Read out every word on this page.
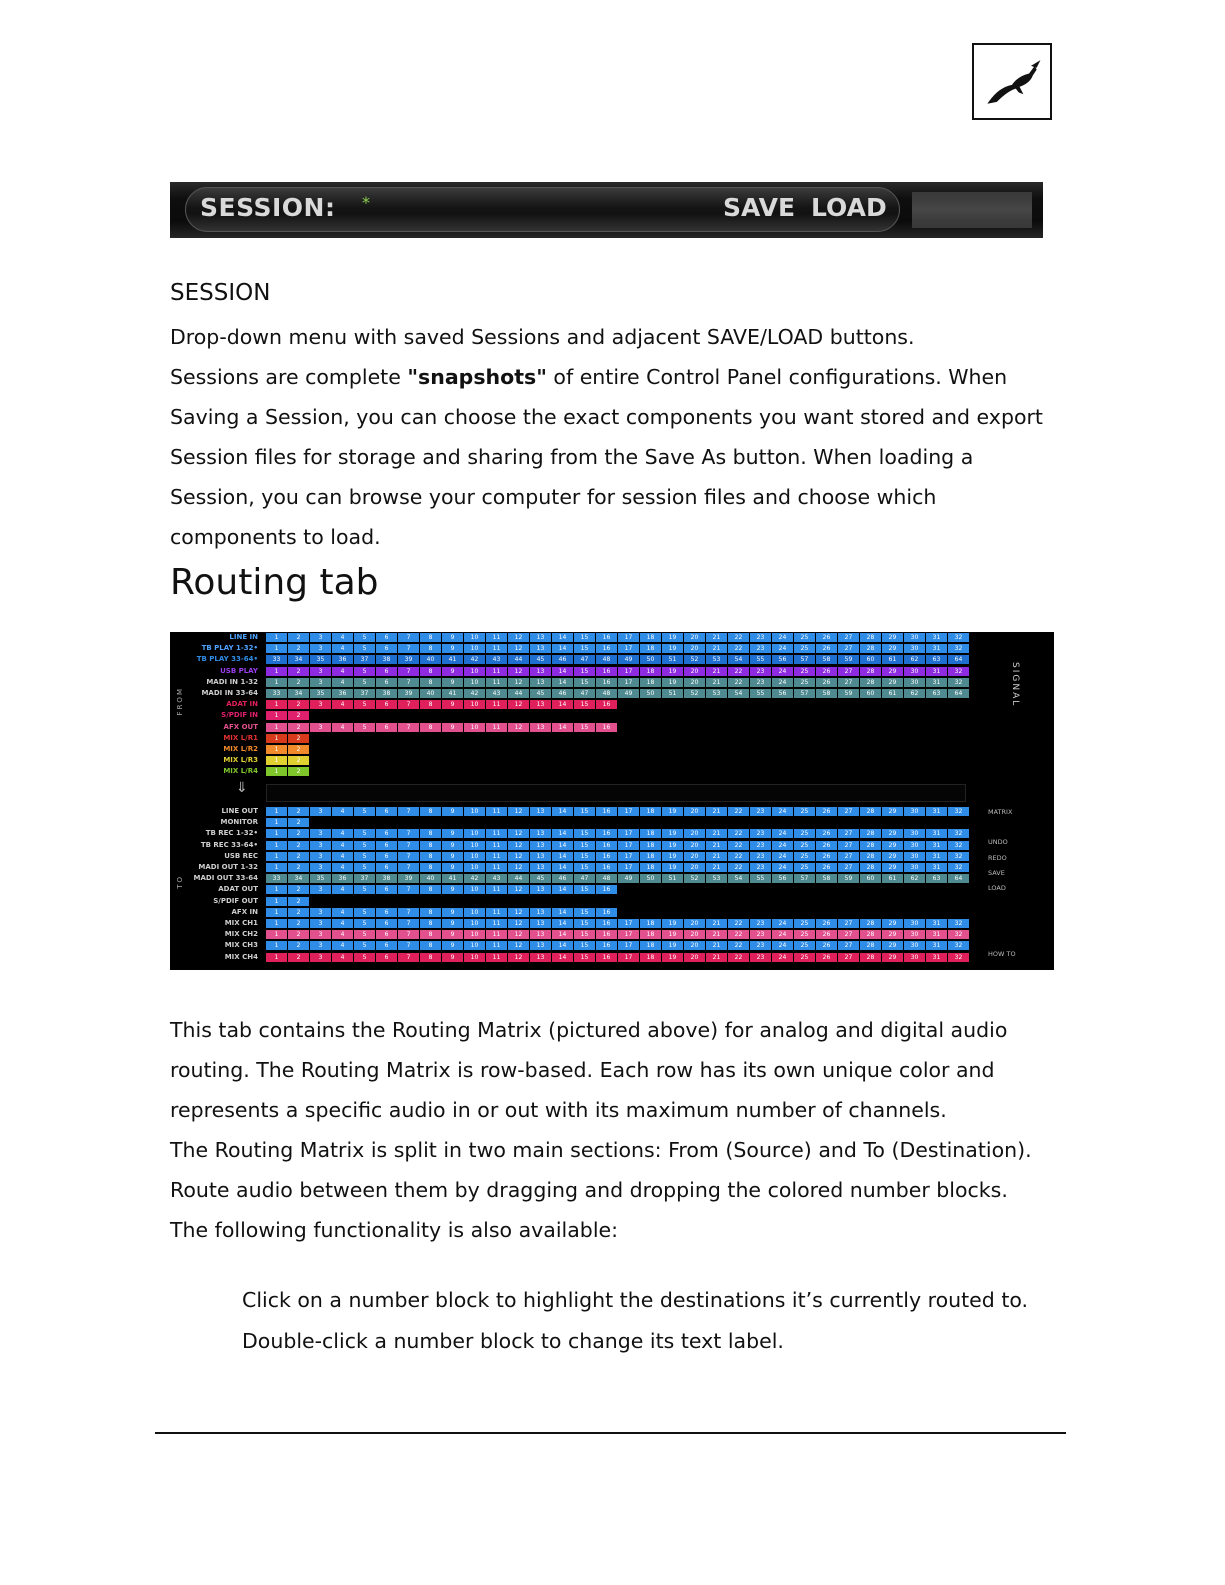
SESSION: *	SAVE LOAD
SESSION
Drop-down menu with saved Sessions and adjacent SAVE/LOAD buttons.
Sessions are complete "snapshots" of entire Control Panel configurations. When Saving a Session, you can choose the exact components you want stored and export Session files for storage and sharing from the Save As button. When loading a Session, you can browse your computer for session files and choose which components to load.
Routing tab
FROM
TO
SIGNAL
⇓
LINE IN	1	2	3	4	5	6	7	8	9	10	11	12	13	14	15	16	17	18	19	20	21	22	23	24	25	26	27	28	29	30	31	32
TB PLAY 1-32•	1	2	3	4	5	6	7	8	9	10	11	12	13	14	15	16	17	18	19	20	21	22	23	24	25	26	27	28	29	30	31	32
TB PLAY 33-64•	33	34	35	36	37	38	39	40	41	42	43	44	45	46	47	48	49	50	51	52	53	54	55	56	57	58	59	60	61	62	63	64
USB PLAY	1	2	3	4	5	6	7	8	9	10	11	12	13	14	15	16	17	18	19	20	21	22	23	24	25	26	27	28	29	30	31	32
MADI IN 1-32	1	2	3	4	5	6	7	8	9	10	11	12	13	14	15	16	17	18	19	20	21	22	23	24	25	26	27	28	29	30	31	32
MADI IN 33-64	33	34	35	36	37	38	39	40	41	42	43	44	45	46	47	48	49	50	51	52	53	54	55	56	57	58	59	60	61	62	63	64
ADAT IN	1	2	3	4	5	6	7	8	9	10	11	12	13	14	15	16
S/PDIF IN	1	2
AFX OUT	1	2	3	4	5	6	7	8	9	10	11	12	13	14	15	16
MIX L/R1	1	2
MIX L/R2	1	2
MIX L/R3	1	2
MIX L/R4	1	2
LINE OUT	1	2	3	4	5	6	7	8	9	10	11	12	13	14	15	16	17	18	19	20	21	22	23	24	25	26	27	28	29	30	31	32
MONITOR	1	2
TB REC 1-32•	1	2	3	4	5	6	7	8	9	10	11	12	13	14	15	16	17	18	19	20	21	22	23	24	25	26	27	28	29	30	31	32
TB REC 33-64•	1	2	3	4	5	6	7	8	9	10	11	12	13	14	15	16	17	18	19	20	21	22	23	24	25	26	27	28	29	30	31	32
USB REC	1	2	3	4	5	6	7	8	9	10	11	12	13	14	15	16	17	18	19	20	21	22	23	24	25	26	27	28	29	30	31	32
MADI OUT 1-32	1	2	3	4	5	6	7	8	9	10	11	12	13	14	15	16	17	18	19	20	21	22	23	24	25	26	27	28	29	30	31	32
MADI OUT 33-64	33	34	35	36	37	38	39	40	41	42	43	44	45	46	47	48	49	50	51	52	53	54	55	56	57	58	59	60	61	62	63	64
ADAT OUT	1	2	3	4	5	6	7	8	9	10	11	12	13	14	15	16
S/PDIF OUT	1	2
AFX IN	1	2	3	4	5	6	7	8	9	10	11	12	13	14	15	16
MIX CH1	1	2	3	4	5	6	7	8	9	10	11	12	13	14	15	16	17	18	19	20	21	22	23	24	25	26	27	28	29	30	31	32
MIX CH2	1	2	3	4	5	6	7	8	9	10	11	12	13	14	15	16	17	18	19	20	21	22	23	24	25	26	27	28	29	30	31	32
MIX CH3	1	2	3	4	5	6	7	8	9	10	11	12	13	14	15	16	17	18	19	20	21	22	23	24	25	26	27	28	29	30	31	32
MIX CH4	1	2	3	4	5	6	7	8	9	10	11	12	13	14	15	16	17	18	19	20	21	22	23	24	25	26	27	28	29	30	31	32
MATRIX
UNDO
REDO
SAVE
LOAD
HOW TO
This tab contains the Routing Matrix (pictured above) for analog and digital audio routing. The Routing Matrix is row-based. Each row has its own unique color and represents a specific audio in or out with its maximum number of channels.
The Routing Matrix is split in two main sections: From (Source) and To (Destination). Route audio between them by dragging and dropping the colored number blocks. The following functionality is also available:
Click on a number block to highlight the destinations it’s currently routed to.
Double-click a number block to change its text label.
